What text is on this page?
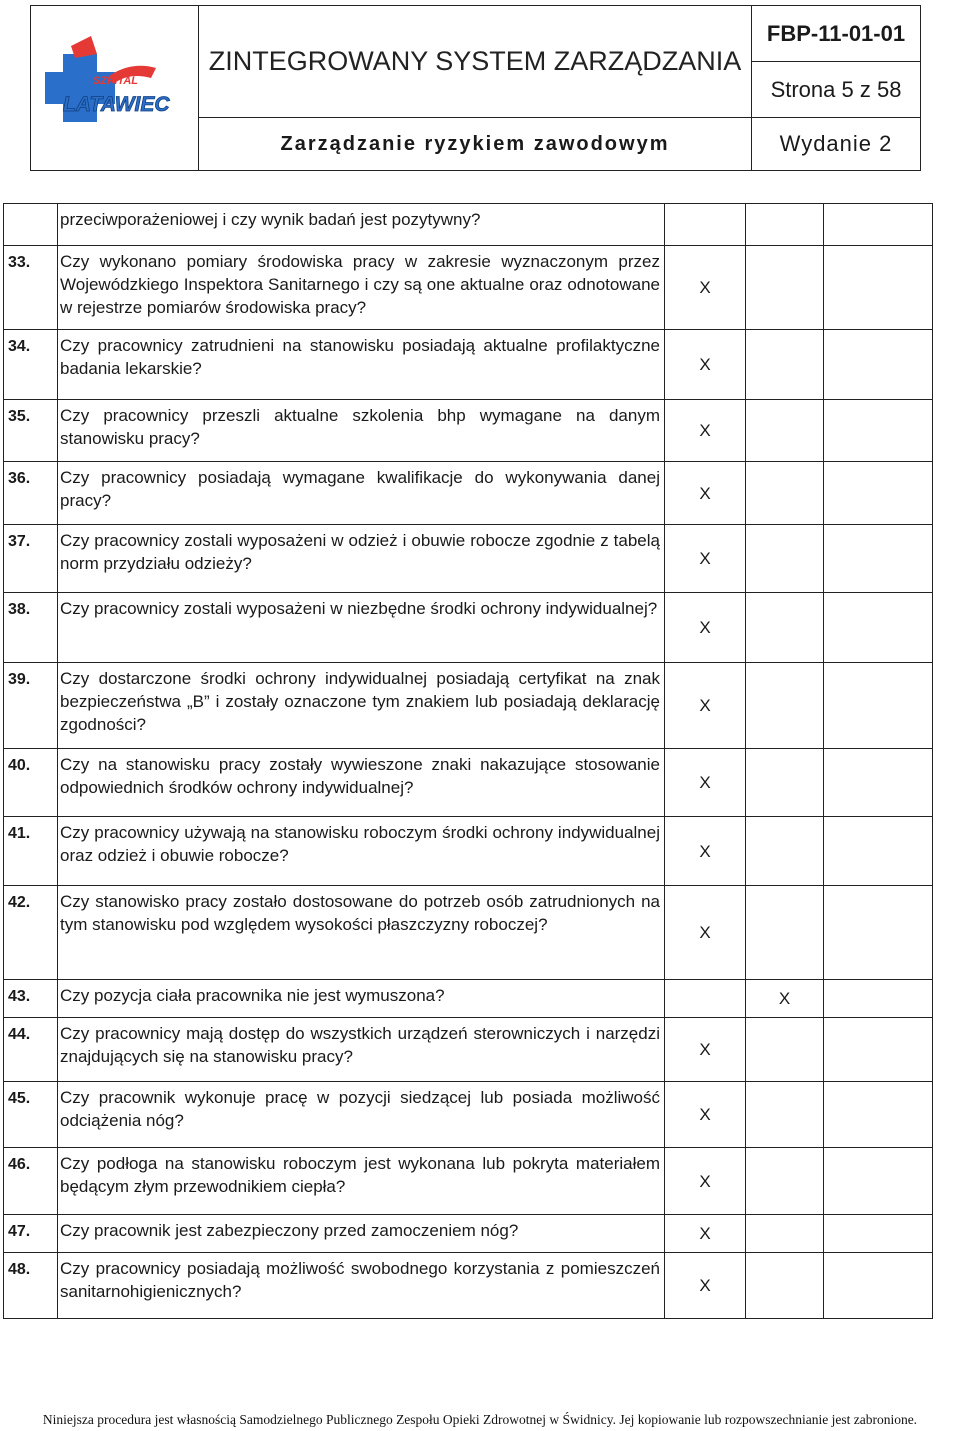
SZPITAL
LATAWIEC	ZINTEGROWANY SYSTEM ZARZĄDZANIA	FBP-11-01-01
		Strona 5 z 58
	Zarządzanie ryzykiem zawodowym	Wydanie 2
	przeciwporażeniowej i czy wynik badań jest pozytywny?			
33.	Czy wykonano pomiary środowiska pracy w zakresie wyznaczonym przez Wojewódzkiego Inspektora Sanitarnego i czy są one aktualne oraz odnotowane w rejestrze pomiarów środowiska pracy?	X		
34.	Czy pracownicy zatrudnieni na stanowisku posiadają aktualne profilaktyczne badania lekarskie?	X		
35.	Czy pracownicy przeszli aktualne szkolenia bhp wymagane na danym stanowisku pracy?	X		
36.	Czy pracownicy posiadają wymagane kwalifikacje do wykonywania danej pracy?	X		
37.	Czy pracownicy zostali wyposażeni w odzież i obuwie robocze zgodnie z tabelą norm przydziału odzieży?	X		
38.	Czy pracownicy zostali wyposażeni w niezbędne środki ochrony indywidualnej?	X		
39.	Czy dostarczone środki ochrony indywidualnej posiadają certyfikat na znak bezpieczeństwa „B” i zostały oznaczone tym znakiem lub posiadają deklarację zgodności?	X		
40.	Czy na stanowisku pracy zostały wywieszone znaki nakazujące stosowanie odpowiednich środków ochrony indywidualnej?	X		
41.	Czy pracownicy używają na stanowisku roboczym środki ochrony indywidualnej oraz odzież i obuwie robocze?	X		
42.	Czy stanowisko pracy zostało dostosowane do potrzeb osób zatrudnionych na tym stanowisku pod względem wysokości płaszczyzny roboczej?	X		
43.	Czy pozycja ciała pracownika nie jest wymuszona?		X	
44.	Czy pracownicy mają dostęp do wszystkich urządzeń sterowniczych i narzędzi znajdujących się na stanowisku pracy?	X		
45.	Czy pracownik wykonuje pracę w pozycji siedzącej lub posiada możliwość odciążenia nóg?	X		
46.	Czy podłoga na stanowisku roboczym jest wykonana lub pokryta materiałem będącym złym przewodnikiem ciepła?	X		
47.	Czy pracownik jest zabezpieczony przed zamoczeniem nóg?	X		
48.	Czy pracownicy posiadają możliwość swobodnego korzystania z pomieszczeń sanitarnohigienicznych?	X		
Niniejsza procedura jest własnością Samodzielnego Publicznego Zespołu Opieki Zdrowotnej w Świdnicy. Jej kopiowanie lub rozpowszechnianie jest zabronione.
